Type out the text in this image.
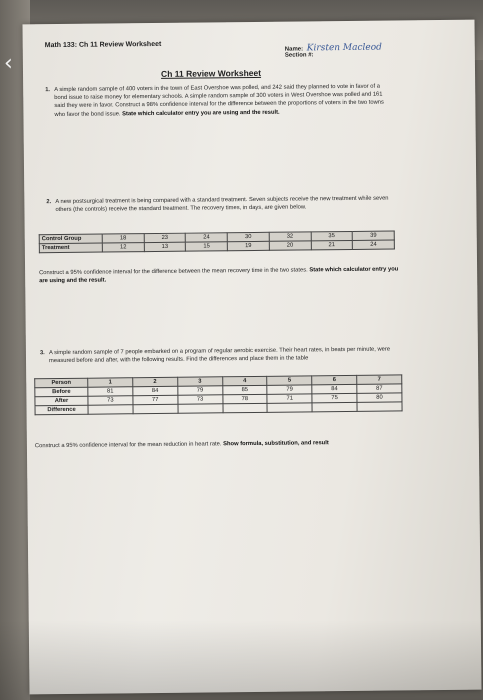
Math 133: Ch 11 Review Worksheet
Name: Kirsten Macleod
Section #:
Ch 11 Review Worksheet
1. A simple random sample of 400 voters in the town of East Overshoe was polled, and 242 said they planned to vote in favor of a bond issue to raise money for elementary schools. A simple random sample of 300 voters in West Overshoe was polled and 161 said they were in favor. Construct a 98% confidence interval for the difference between the proportions of voters in the two towns who favor the bond issue. State which calculator entry you are using and the result.
2. A new postsurgical treatment is being compared with a standard treatment. Seven subjects receive the new treatment while seven others (the controls) receive the standard treatment. The recovery times, in days, are given below.
Control Group	18	23	24	30	32	35	39
Treatment	12	13	15	19	20	21	24
Construct a 95% confidence interval for the difference between the mean recovery time in the two states. State which calculator entry you are using and the result.
3. A simple random sample of 7 people embarked on a program of regular aerobic exercise. Their heart rates, in beats per minute, were measured before and after, with the following results. Find the differences and place them in the table
Person	1	2	3	4	5	6	7
Before	81	84	79	85	79	84	87
After	73	77	73	78	71	75	80
Difference							
Construct a 95% confidence interval for the mean reduction in heart rate. Show formula, substitution, and result
‹
